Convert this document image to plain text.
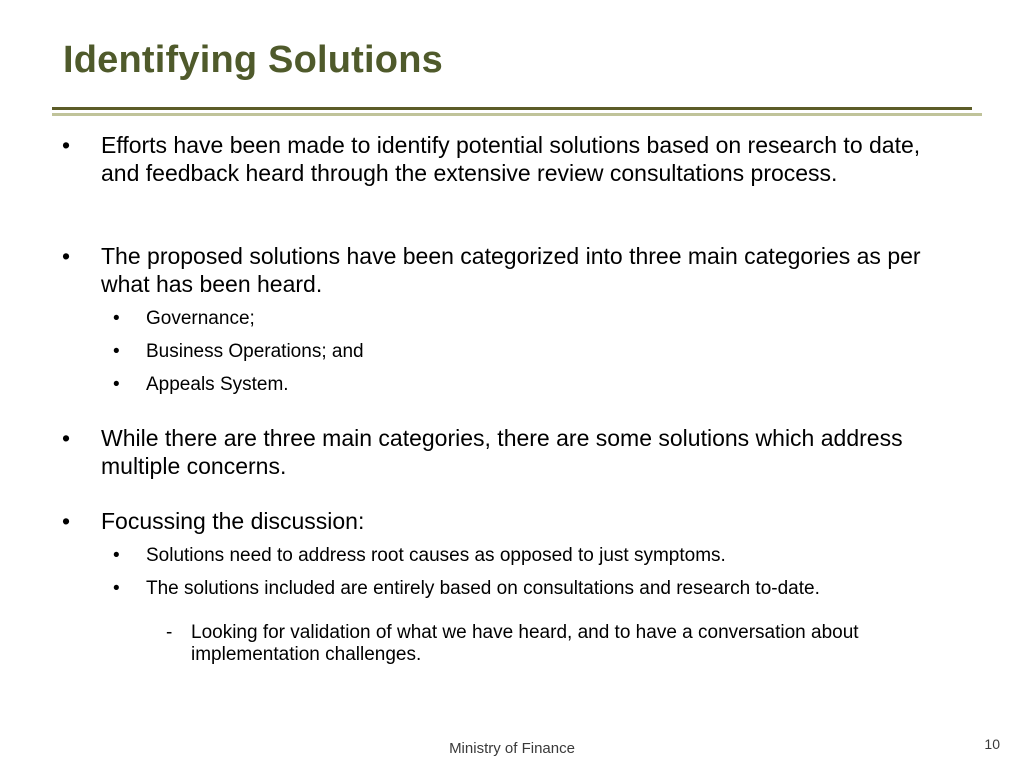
Identifying Solutions
• Efforts have been made to identify potential solutions based on research to date, and feedback heard through the extensive review consultations process.
• The proposed solutions have been categorized into three main categories as per what has been heard.
• Governance;
• Business Operations; and
• Appeals System.
• While there are three main categories, there are some solutions which address multiple concerns.
• Focussing the discussion:
• Solutions need to address root causes as opposed to just symptoms.
• The solutions included are entirely based on consultations and research to-date.
- Looking for validation of what we have heard, and to have a conversation about implementation challenges.
Ministry of Finance	10
